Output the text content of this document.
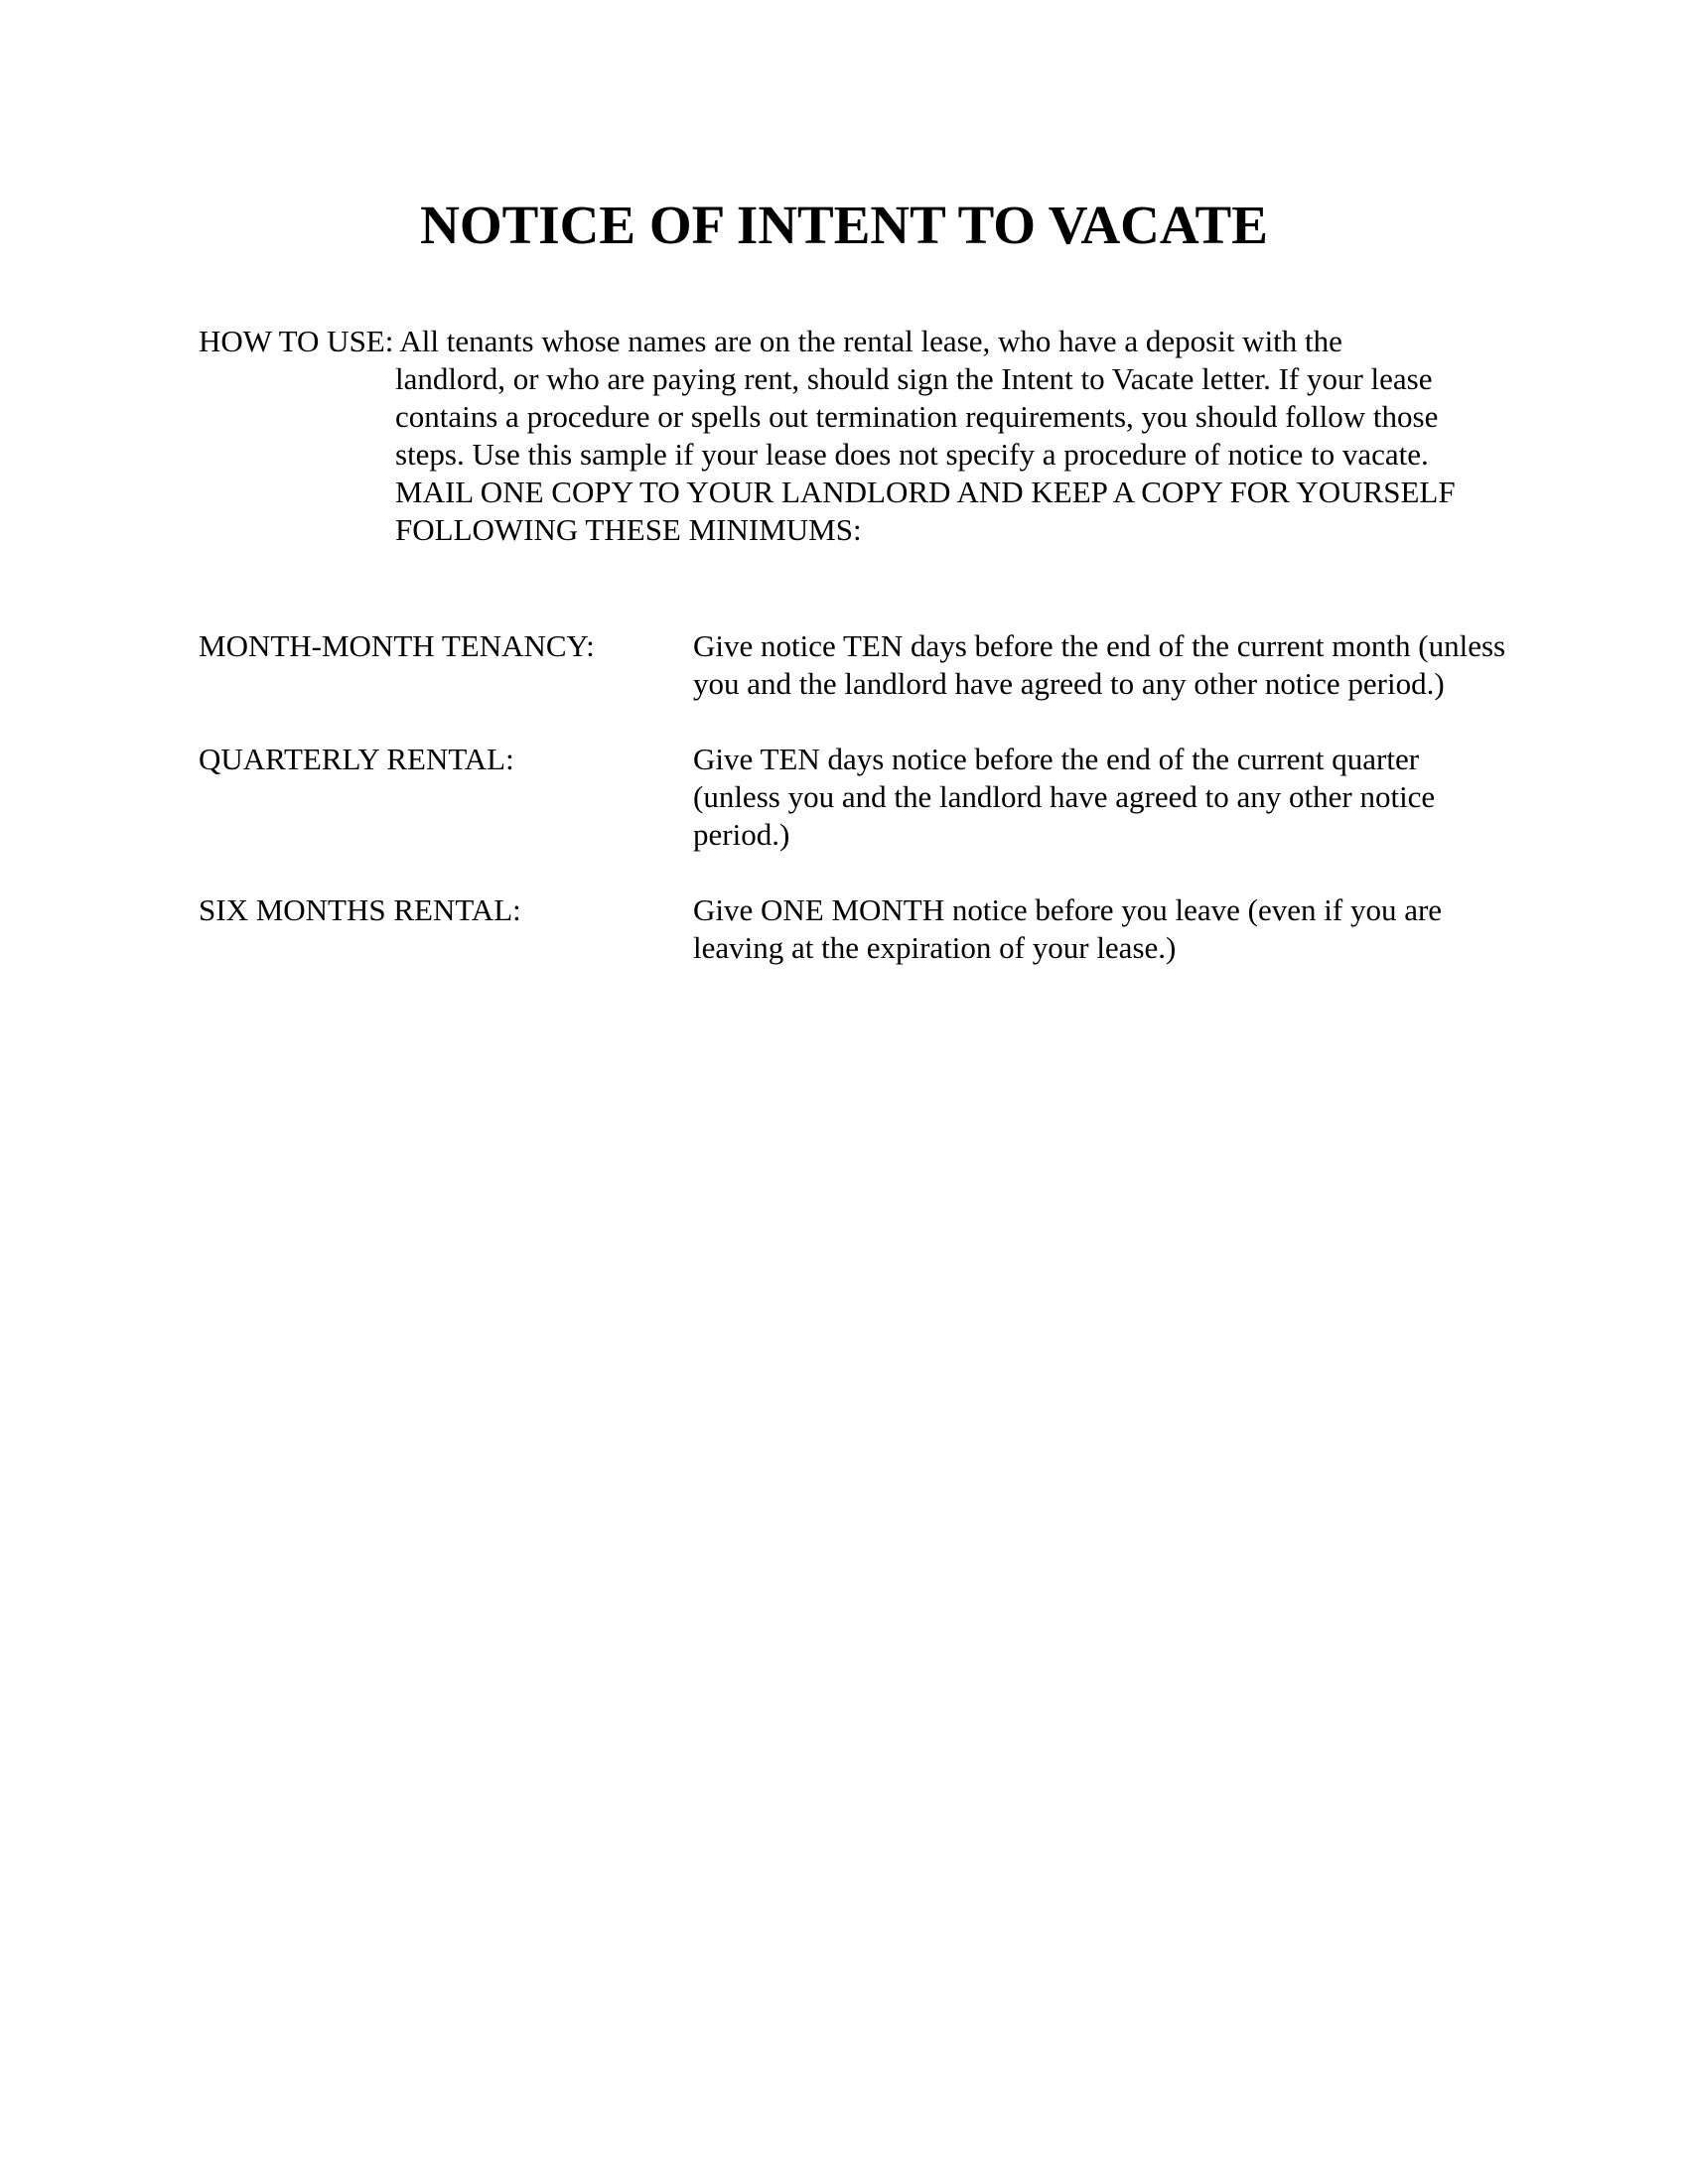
NOTICE OF INTENT TO VACATE
HOW TO USE: All tenants whose names are on the rental lease, who have a deposit with the

landlord, or who are paying rent, should sign the Intent to Vacate letter. If your lease contains a procedure or spells out termination requirements, you should follow those steps. Use this sample if your lease does not specify a procedure of notice to vacate.

MAIL ONE COPY TO YOUR LANDLORD AND KEEP A COPY FOR YOURSELF FOLLOWING THESE MINIMUMS:

MONTH-MONTH TENANCY:	Give notice TEN days before the end of the current month (unless you and the landlord have agreed to any other notice period.)
QUARTERLY RENTAL:	Give TEN days notice before the end of the current quarter (unless you and the landlord have agreed to any other notice period.)
SIX MONTHS RENTAL:	Give ONE MONTH notice before you leave (even if you are leaving at the expiration of your lease.)
